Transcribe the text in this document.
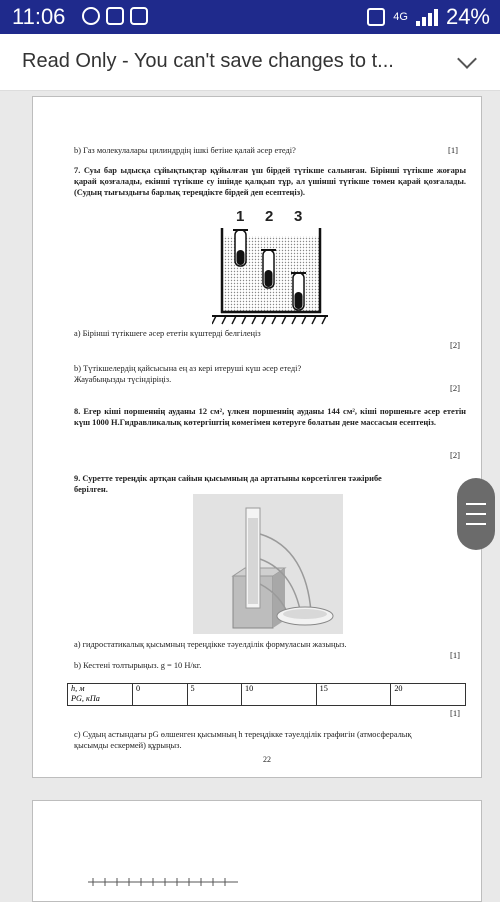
11:06	4G 24%
Read Only - You can't save changes to t...
b) Газ молекулалары цилиндрдің ішкі бетіне қалай әсер етеді?	[1]
7. Суы бар ыдысқа сұйықтықтар құйылған үш бірдей түтікше салынған. Бірінші түтікше жоғары қарай қозғалады, екінші түтікше су ішінде қалқып тұр, ал үшінші түтікше төмен қарай қозғалады. (Судың тығыздығы барлық тереңдікте бірдей деп есептеңіз).
1 2 3
a) Бірінші түтікшеге әсер ететін күштерді белгілеңіз
[2]
b) Түтікшелердің қайсысына ең аз кері итеруші күш әсер етеді? Жауабыңызды түсіндіріңіз.
[2]
8. Егер кіші поршеннің ауданы 12 см², үлкен поршеннің ауданы 144 см², кіші поршеньге әсер ететін күш 1000 Н.Гидравликалық көтергіштің көмегімен көтеруге болатын дене массасын есептеңіз.
[2]
9. Суретте тереңдік артқан сайын қысымның да артатыны көрсетілген тәжірибе берілген.
a) гидростатикалық қысымның тереңдікке тәуелділік формуласын жазыңыз.
[1]
b) Кестені толтырыңыз. g = 10 Н/кг.
h, м
PG, кПа	0	5	10	15	20
[1]
c) Судың астындағы pG өлшенген қысымның h тереңдікке тәуелділік графигін (атмосфералық қысымды ескермей) құрыңыз.
22
